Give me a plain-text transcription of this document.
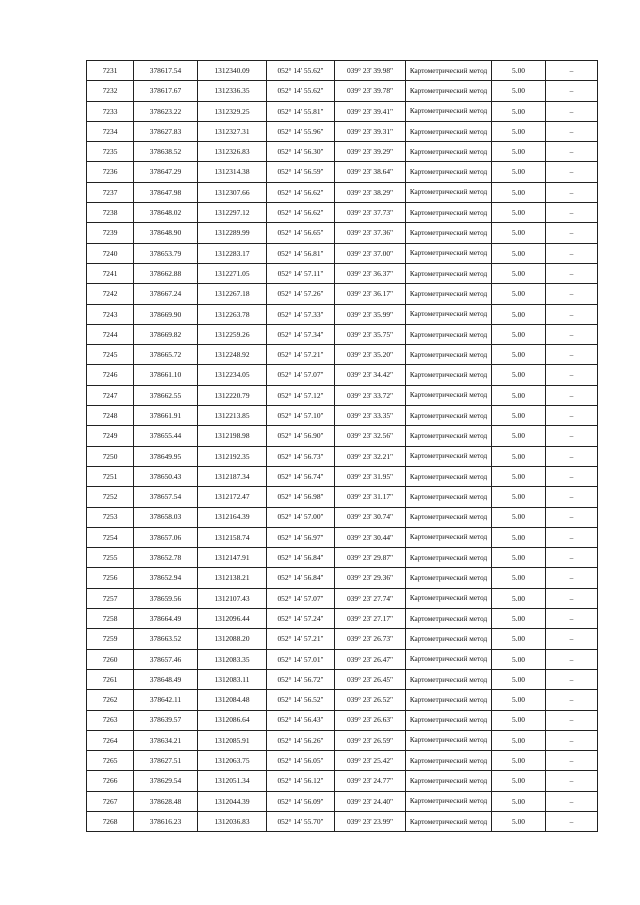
7231	378617.54	1312340.09	052° 14' 55.62"	039° 23' 39.98"	Картометрический метод	5.00	–
7232	378617.67	1312336.35	052° 14' 55.62"	039° 23' 39.78"	Картометрический метод	5.00	–
7233	378623.22	1312329.25	052° 14' 55.81"	039° 23' 39.41"	Картометрический метод	5.00	–
7234	378627.83	1312327.31	052° 14' 55.96"	039° 23' 39.31"	Картометрический метод	5.00	–
7235	378638.52	1312326.83	052° 14' 56.30"	039° 23' 39.29"	Картометрический метод	5.00	–
7236	378647.29	1312314.38	052° 14' 56.59"	039° 23' 38.64"	Картометрический метод	5.00	–
7237	378647.98	1312307.66	052° 14' 56.62"	039° 23' 38.29"	Картометрический метод	5.00	–
7238	378648.02	1312297.12	052° 14' 56.62"	039° 23' 37.73"	Картометрический метод	5.00	–
7239	378648.90	1312289.99	052° 14' 56.65"	039° 23' 37.36"	Картометрический метод	5.00	–
7240	378653.79	1312283.17	052° 14' 56.81"	039° 23' 37.00"	Картометрический метод	5.00	–
7241	378662.88	1312271.05	052° 14' 57.11"	039° 23' 36.37"	Картометрический метод	5.00	–
7242	378667.24	1312267.18	052° 14' 57.26"	039° 23' 36.17"	Картометрический метод	5.00	–
7243	378669.90	1312263.78	052° 14' 57.33"	039° 23' 35.99"	Картометрический метод	5.00	–
7244	378669.82	1312259.26	052° 14' 57.34"	039° 23' 35.75"	Картометрический метод	5.00	–
7245	378665.72	1312248.92	052° 14' 57.21"	039° 23' 35.20"	Картометрический метод	5.00	–
7246	378661.10	1312234.05	052° 14' 57.07"	039° 23' 34.42"	Картометрический метод	5.00	–
7247	378662.55	1312220.79	052° 14' 57.12"	039° 23' 33.72"	Картометрический метод	5.00	–
7248	378661.91	1312213.85	052° 14' 57.10"	039° 23' 33.35"	Картометрический метод	5.00	–
7249	378655.44	1312198.98	052° 14' 56.90"	039° 23' 32.56"	Картометрический метод	5.00	–
7250	378649.95	1312192.35	052° 14' 56.73"	039° 23' 32.21"	Картометрический метод	5.00	–
7251	378650.43	1312187.34	052° 14' 56.74"	039° 23' 31.95"	Картометрический метод	5.00	–
7252	378657.54	1312172.47	052° 14' 56.98"	039° 23' 31.17"	Картометрический метод	5.00	–
7253	378658.03	1312164.39	052° 14' 57.00"	039° 23' 30.74"	Картометрический метод	5.00	–
7254	378657.06	1312158.74	052° 14' 56.97"	039° 23' 30.44"	Картометрический метод	5.00	–
7255	378652.78	1312147.91	052° 14' 56.84"	039° 23' 29.87"	Картометрический метод	5.00	–
7256	378652.94	1312138.21	052° 14' 56.84"	039° 23' 29.36"	Картометрический метод	5.00	–
7257	378659.56	1312107.43	052° 14' 57.07"	039° 23' 27.74"	Картометрический метод	5.00	–
7258	378664.49	1312096.44	052° 14' 57.24"	039° 23' 27.17"	Картометрический метод	5.00	–
7259	378663.52	1312088.20	052° 14' 57.21"	039° 23' 26.73"	Картометрический метод	5.00	–
7260	378657.46	1312083.35	052° 14' 57.01"	039° 23' 26.47"	Картометрический метод	5.00	–
7261	378648.49	1312083.11	052° 14' 56.72"	039° 23' 26.45"	Картометрический метод	5.00	–
7262	378642.11	1312084.48	052° 14' 56.52"	039° 23' 26.52"	Картометрический метод	5.00	–
7263	378639.57	1312086.64	052° 14' 56.43"	039° 23' 26.63"	Картометрический метод	5.00	–
7264	378634.21	1312085.91	052° 14' 56.26"	039° 23' 26.59"	Картометрический метод	5.00	–
7265	378627.51	1312063.75	052° 14' 56.05"	039° 23' 25.42"	Картометрический метод	5.00	–
7266	378629.54	1312051.34	052° 14' 56.12"	039° 23' 24.77"	Картометрический метод	5.00	–
7267	378628.48	1312044.39	052° 14' 56.09"	039° 23' 24.40"	Картометрический метод	5.00	–
7268	378616.23	1312036.83	052° 14' 55.70"	039° 23' 23.99"	Картометрический метод	5.00	–
